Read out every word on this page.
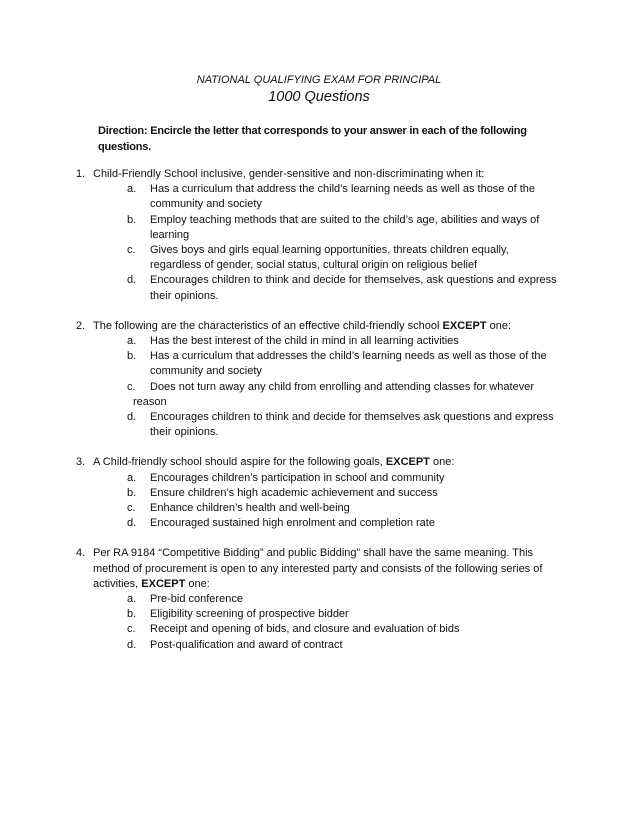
NATIONAL QUALIFYING EXAM FOR PRINCIPAL
1000 Questions
Direction: Encircle the letter that corresponds to your answer in each of the following questions.
1. Child-Friendly School inclusive, gender-sensitive and non-discriminating when it:
a. Has a curriculum that address the child’s learning needs as well as those of the community and society
b. Employ teaching methods that are suited to the child’s age, abilities and ways of learning
c. Gives boys and girls equal learning opportunities, threats children equally, regardless of gender, social status, cultural origin on religious belief
d. Encourages children to think and decide for themselves, ask questions and express their opinions.
2. The following are the characteristics of an effective child-friendly school EXCEPT one:
a. Has the best interest of the child in mind in all learning activities
b. Has a curriculum that addresses the child’s learning needs as well as those of the community and society
c. Does not turn away any child from enrolling and attending classes for whatever
reason
d. Encourages children to think and decide for themselves ask questions and express their opinions.
3. A Child-friendly school should aspire for the following goals, EXCEPT one:
a. Encourages children’s participation in school and community
b. Ensure children’s high academic achievement and success
c. Enhance children’s health and well-being
d. Encouraged sustained high enrolment and completion rate
4. Per RA 9184 “Competitive Bidding” and public Bidding” shall have the same meaning. This method of procurement is open to any interested party and consists of the following series of activities, EXCEPT one:
a. Pre-bid conference
b. Eligibility screening of prospective bidder
c. Receipt and opening of bids, and closure and evaluation of bids
d. Post-qualification and award of contract
